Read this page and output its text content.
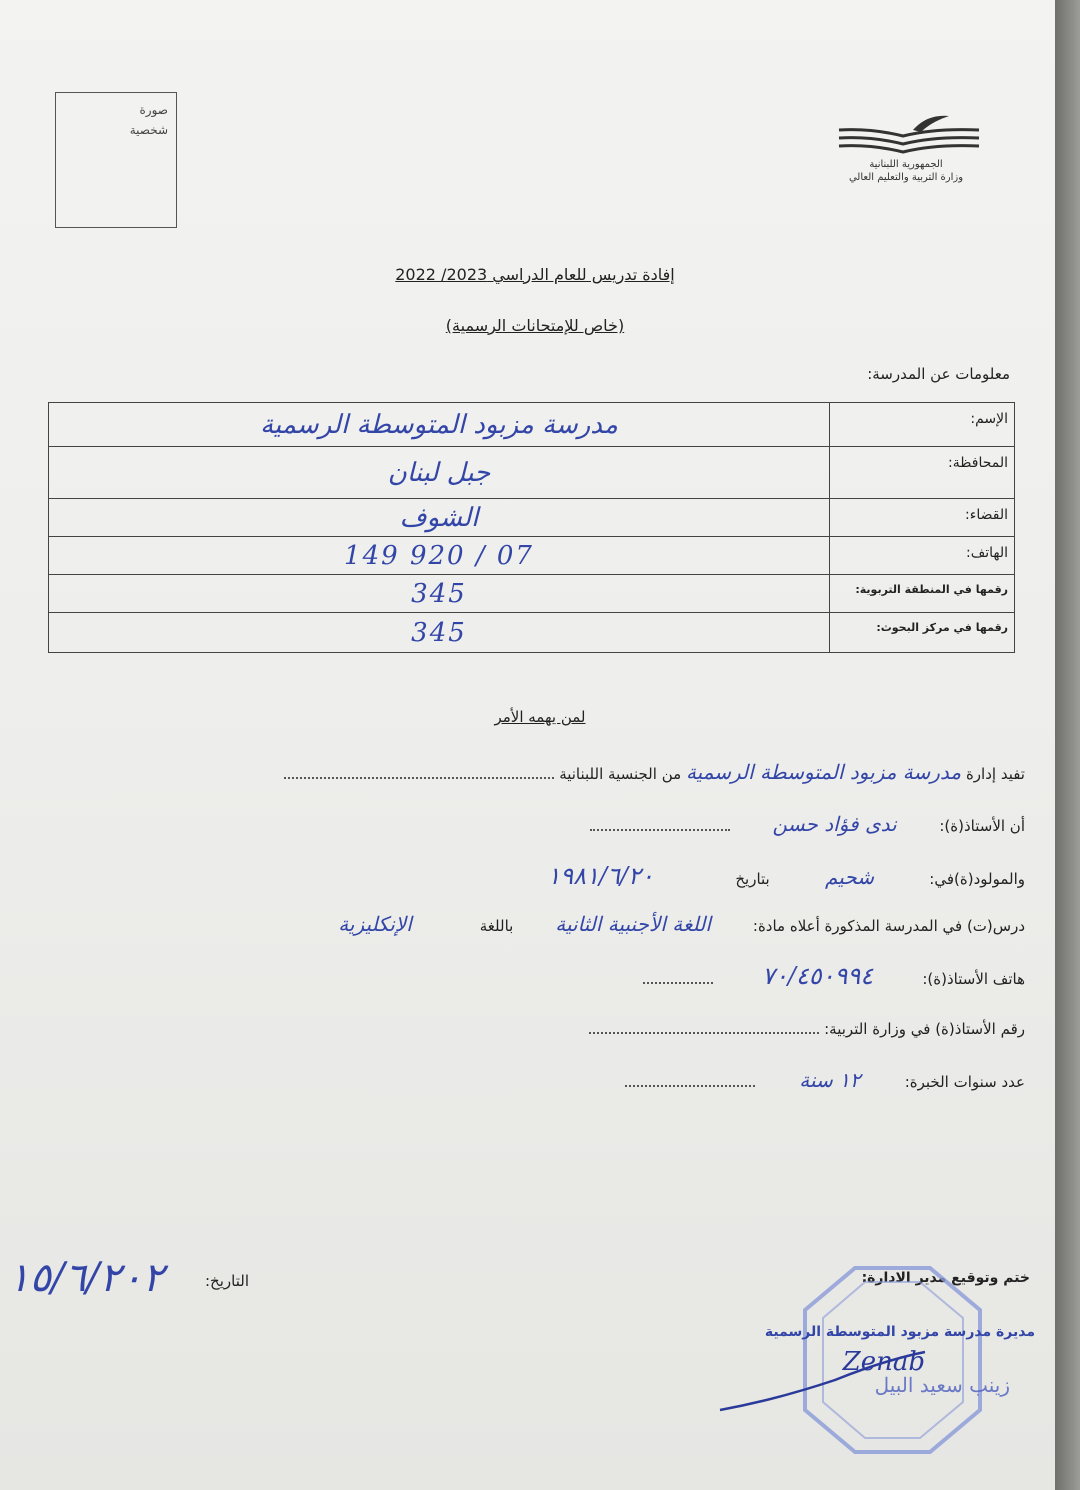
صورة
شخصية
الجمهورية اللبنانية
وزارة التربية والتعليم العالي
إفادة تدريس للعام الدراسي 2023/ 2022
(خاص للإمتحانات الرسمية)
معلومات عن المدرسة:
الإسم:	مدرسة مزبود المتوسطة الرسمية
المحافظة:	جبل لبنان
القضاء:	الشوف
الهاتف:	07 / 920 149
رقمها في المنطقة التربوية:	345
رقمها في مركز البحوث:	345
لمن يهمه الأمر
تفيد إدارة مدرسة مزبود المتوسطة الرسمية من الجنسية اللبنانية
أن الأستاذ(ة): ندى فؤاد حسن
والمولود(ة)في: شحيم بتاريخ ١٩٨١/٦/٢٠
درس(ت) في المدرسة المذكورة أعلاه مادة: اللغة الأجنبية الثانية باللغة الإنكليزية
هاتف الأستاذ(ة): ٧٠/٤٥٠٩٩٤
رقم الأستاذ(ة) في وزارة التربية:
عدد سنوات الخبرة: ١٢ سنة
التاريخ:
١٥/٦/٢٠٢	ختم وتوقيع مدير الادارة:
مديرة مدرسة مزبود المتوسطة الرسمية
زينب سعيد البيل
Zenab
